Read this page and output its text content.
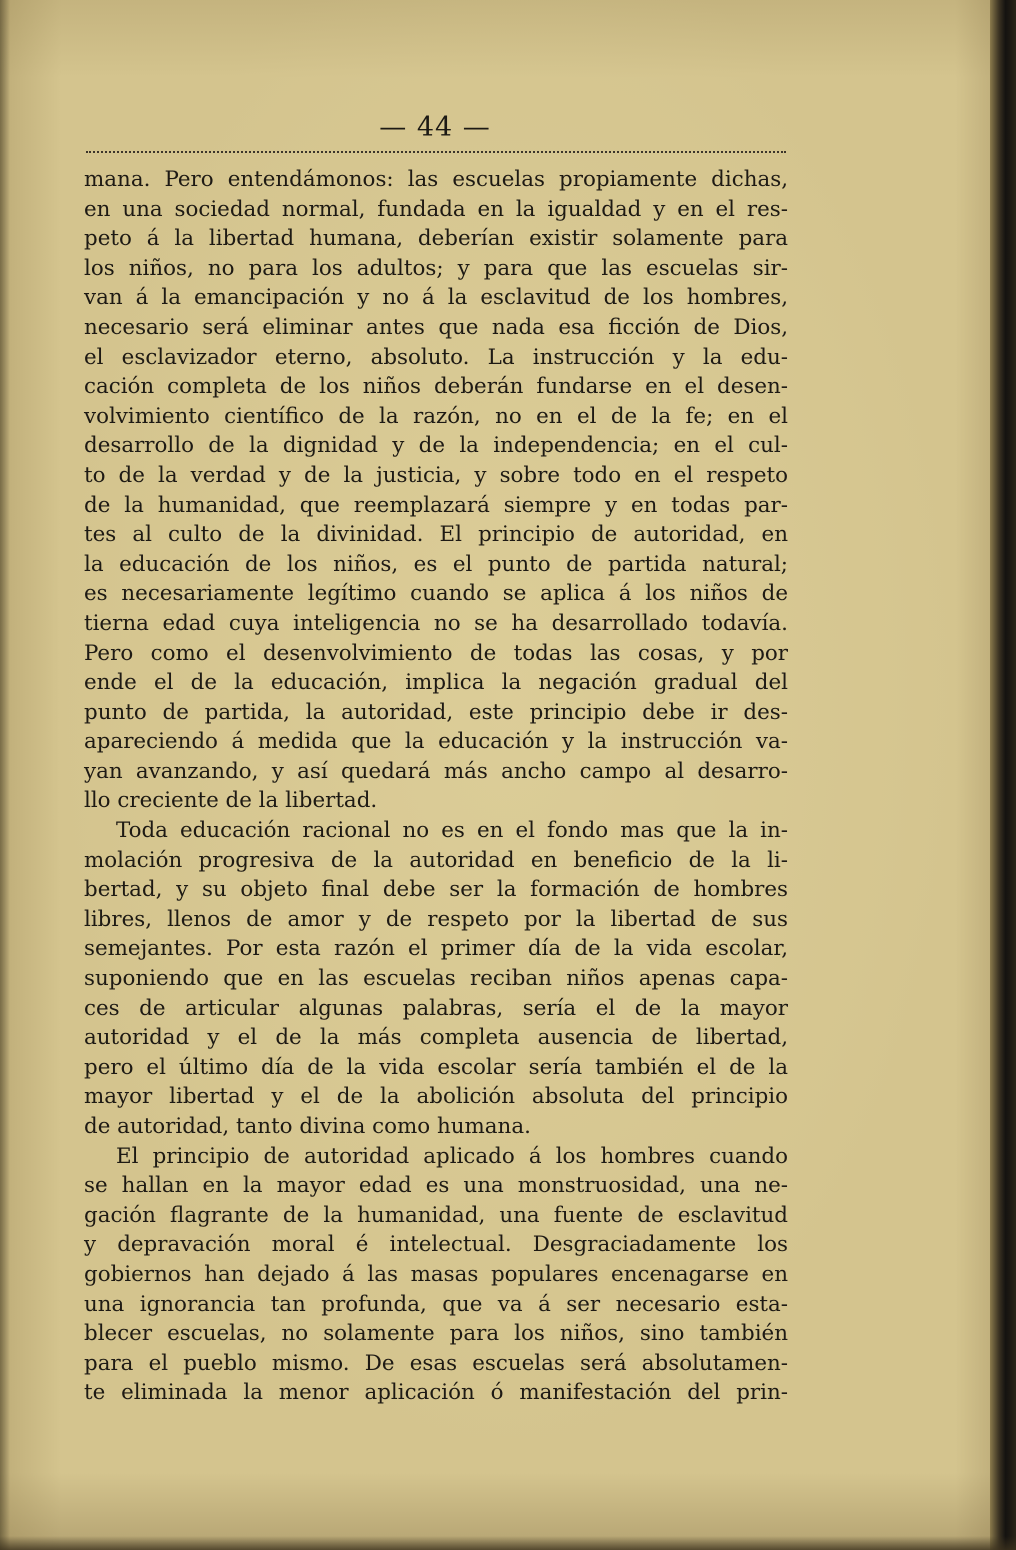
— 44 —
mana. Pero entendámonos: las escuelas propiamente dichas,
en una sociedad normal, fundada en la igualdad y en el res-
peto á la libertad humana, deberían existir solamente para
los niños, no para los adultos; y para que las escuelas sir-
van á la emancipación y no á la esclavitud de los hombres,
necesario será eliminar antes que nada esa ficción de Dios,
el esclavizador eterno, absoluto. La instrucción y la edu-
cación completa de los niños deberán fundarse en el desen-
volvimiento científico de la razón, no en el de la fe; en el
desarrollo de la dignidad y de la independencia; en el cul-
to de la verdad y de la justicia, y sobre todo en el respeto
de la humanidad, que reemplazará siempre y en todas par-
tes al culto de la divinidad. El principio de autoridad, en
la educación de los niños, es el punto de partida natural;
es necesariamente legítimo cuando se aplica á los niños de
tierna edad cuya inteligencia no se ha desarrollado todavía.
Pero como el desenvolvimiento de todas las cosas, y por
ende el de la educación, implica la negación gradual del
punto de partida, la autoridad, este principio debe ir des-
apareciendo á medida que la educación y la instrucción va-
yan avanzando, y así quedará más ancho campo al desarro-
llo creciente de la libertad.
Toda educación racional no es en el fondo mas que la in-
molación progresiva de la autoridad en beneficio de la li-
bertad, y su objeto final debe ser la formación de hombres
libres, llenos de amor y de respeto por la libertad de sus
semejantes. Por esta razón el primer día de la vida escolar,
suponiendo que en las escuelas reciban niños apenas capa-
ces de articular algunas palabras, sería el de la mayor
autoridad y el de la más completa ausencia de libertad,
pero el último día de la vida escolar sería también el de la
mayor libertad y el de la abolición absoluta del principio
de autoridad, tanto divina como humana.
El principio de autoridad aplicado á los hombres cuando
se hallan en la mayor edad es una monstruosidad, una ne-
gación flagrante de la humanidad, una fuente de esclavitud
y depravación moral é intelectual. Desgraciadamente los
gobiernos han dejado á las masas populares encenagarse en
una ignorancia tan profunda, que va á ser necesario esta-
blecer escuelas, no solamente para los niños, sino también
para el pueblo mismo. De esas escuelas será absolutamen-
te eliminada la menor aplicación ó manifestación del prin-
